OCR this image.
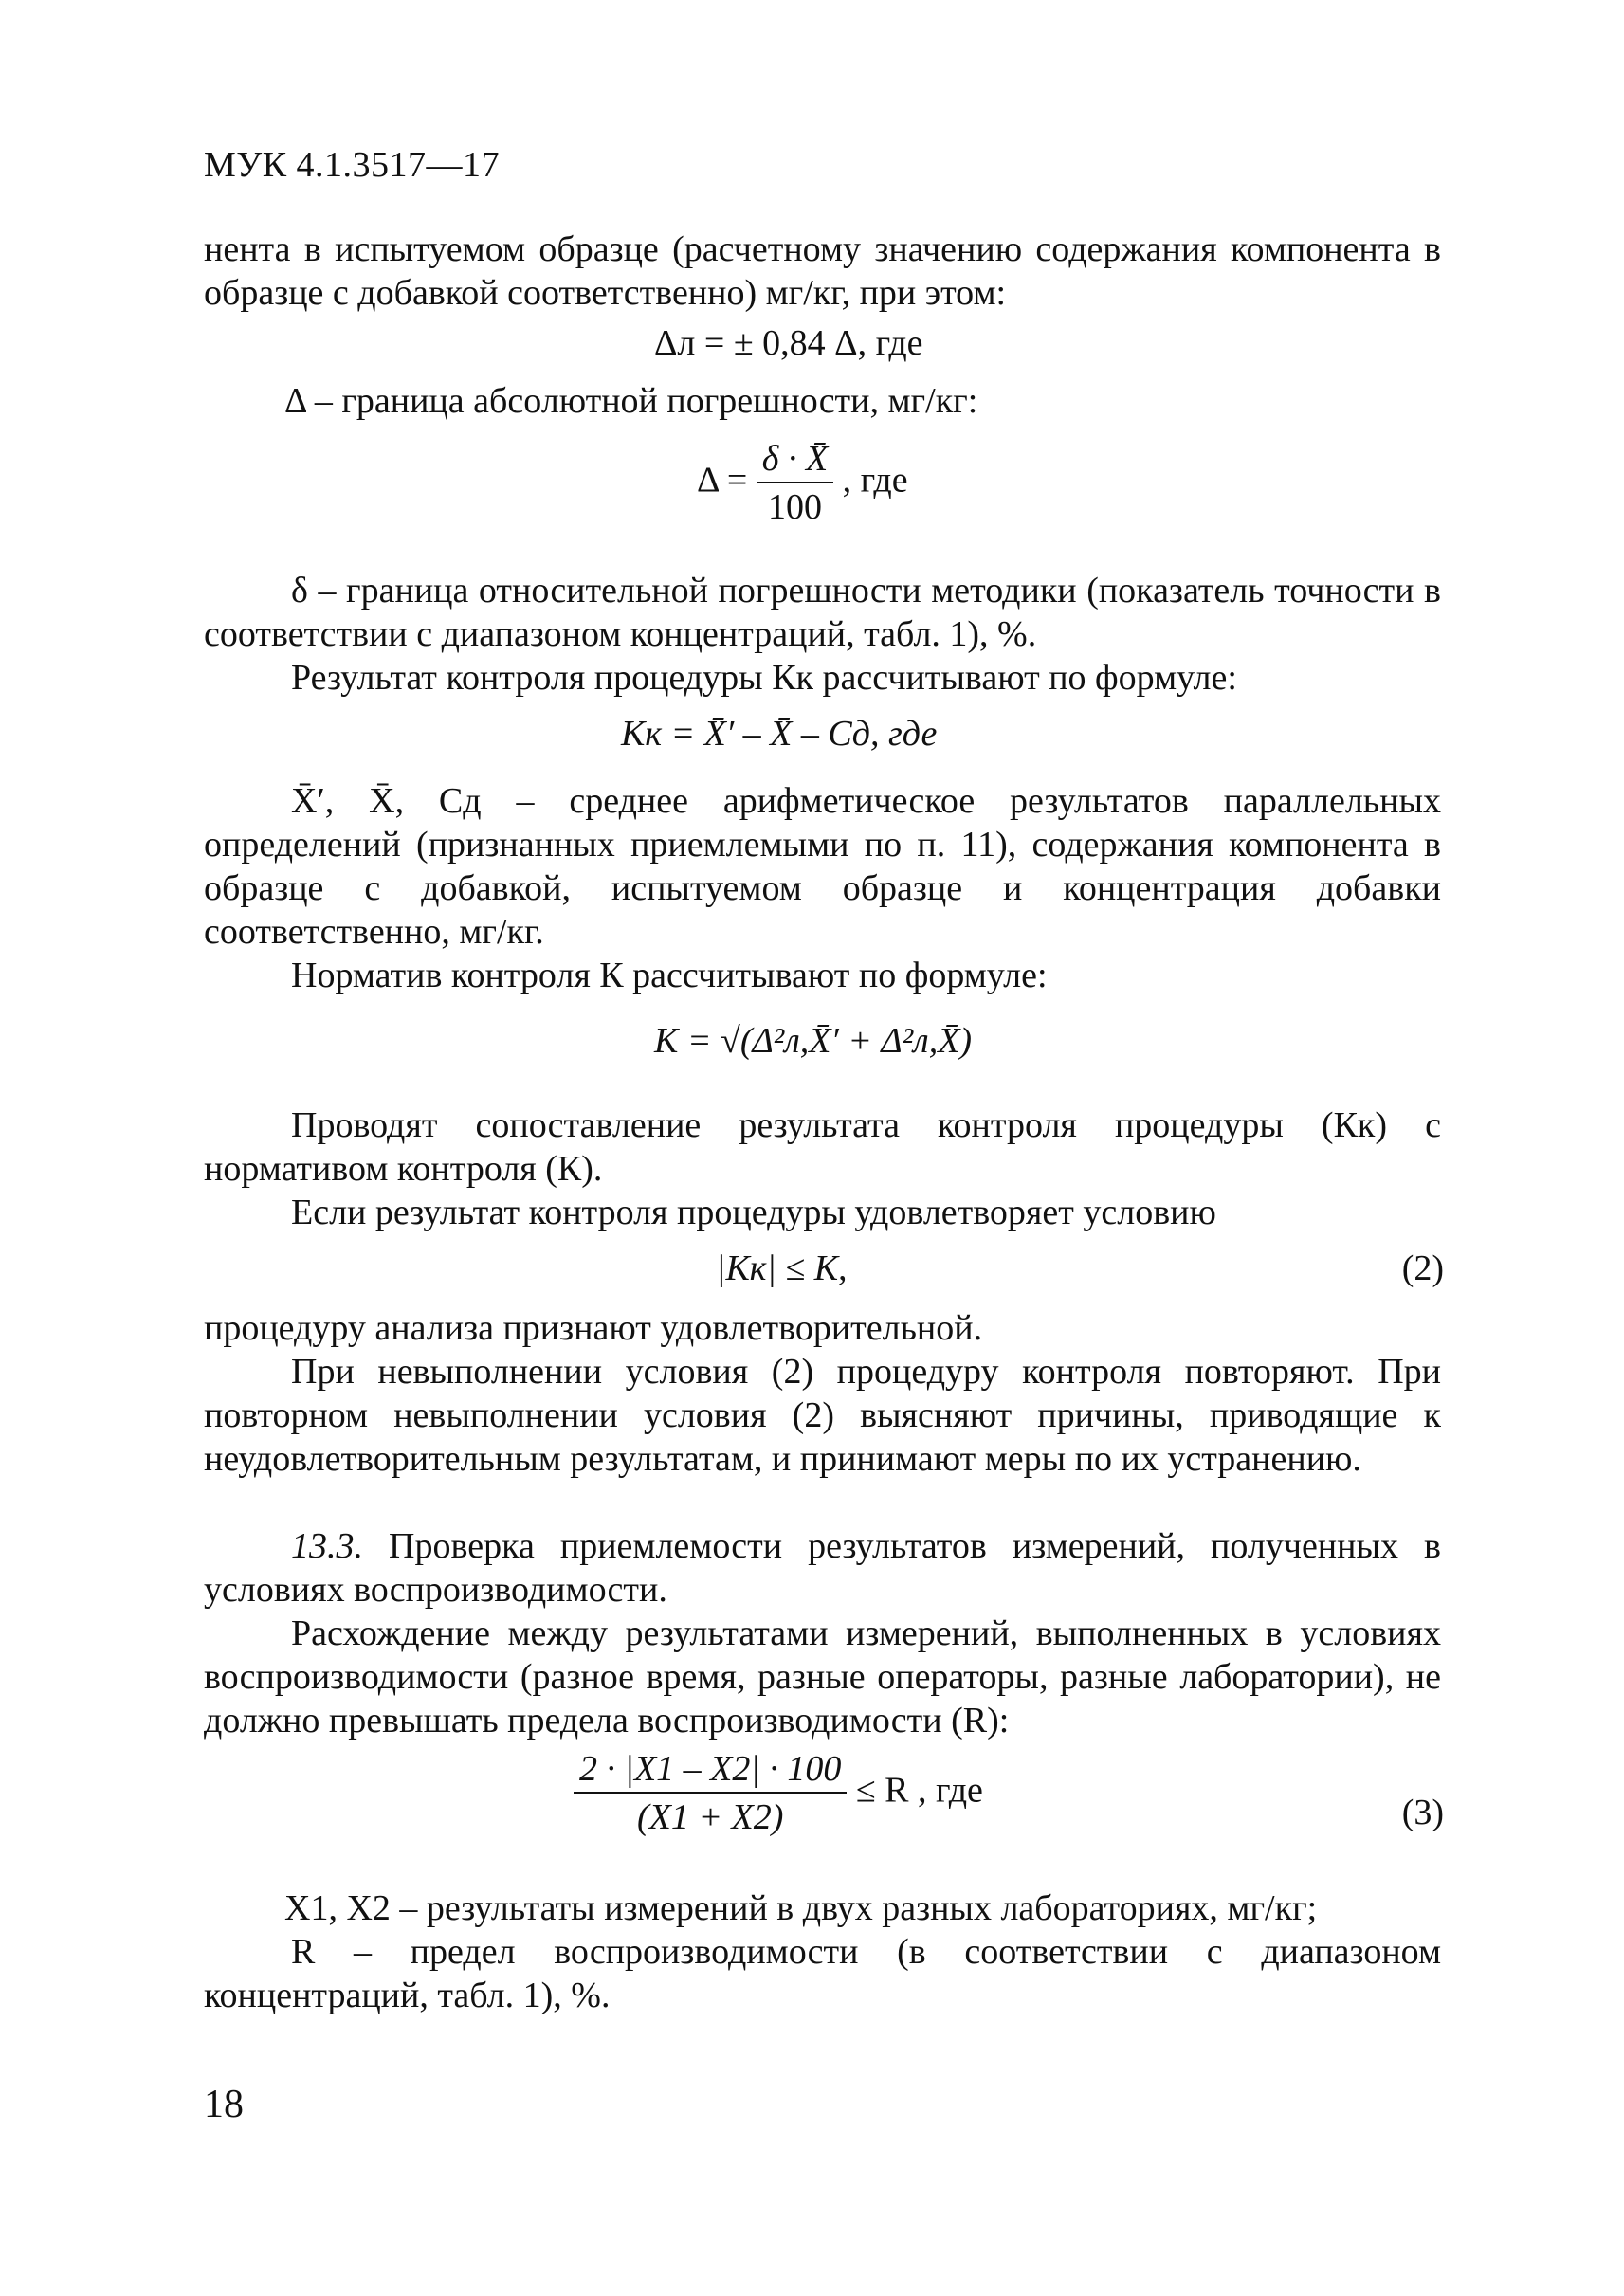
МУК 4.1.3517—17
нента в испытуемом образце (расчетному значению содержания компонента в образце с добавкой соответственно) мг/кг, при этом:
Δл = ± 0,84 Δ, где
Δ – граница абсолютной погрешности, мг/кг:
$\Delta = \frac{\delta \cdot X̄}{100}$ , где
δ – граница относительной погрешности методики (показатель точности в соответствии с диапазоном концентраций, табл. 1), %.
Результат контроля процедуры Кк рассчитывают по формуле:
Кк = X̄′ – X̄ – Сд, где
X̄′, X̄, Сд – среднее арифметическое результатов параллельных определений (признанных приемлемыми по п. 11), содержания компонента в образце с добавкой, испытуемом образце и концентрация добавки соответственно, мг/кг.
Норматив контроля К рассчитывают по формуле:
K = √(Δ²л,X̄′ + Δ²л,X̄)
Проводят сопоставление результата контроля процедуры (Кк) с нормативом контроля (К).
Если результат контроля процедуры удовлетворяет условию
|Кк| ≤ К,	(2)
процедуру анализа признают удовлетворительной.
При невыполнении условия (2) процедуру контроля повторяют. При повторном невыполнении условия (2) выясняют причины, приводящие к неудовлетворительным результатам, и принимают меры по их устранению.
13.3. Проверка приемлемости результатов измерений, полученных в условиях воспроизводимости.
Расхождение между результатами измерений, выполненных в условиях воспроизводимости (разное время, разные операторы, разные лаборатории), не должно превышать предела воспроизводимости (R):
$\frac{2 \cdot |X1 - X2| \cdot 100}{(X1 + X2)} \le R$ , где
(3)
X1, X2 – результаты измерений в двух разных лабораториях, мг/кг;
R – предел воспроизводимости (в соответствии с диапазоном концентраций, табл. 1), %.
18
